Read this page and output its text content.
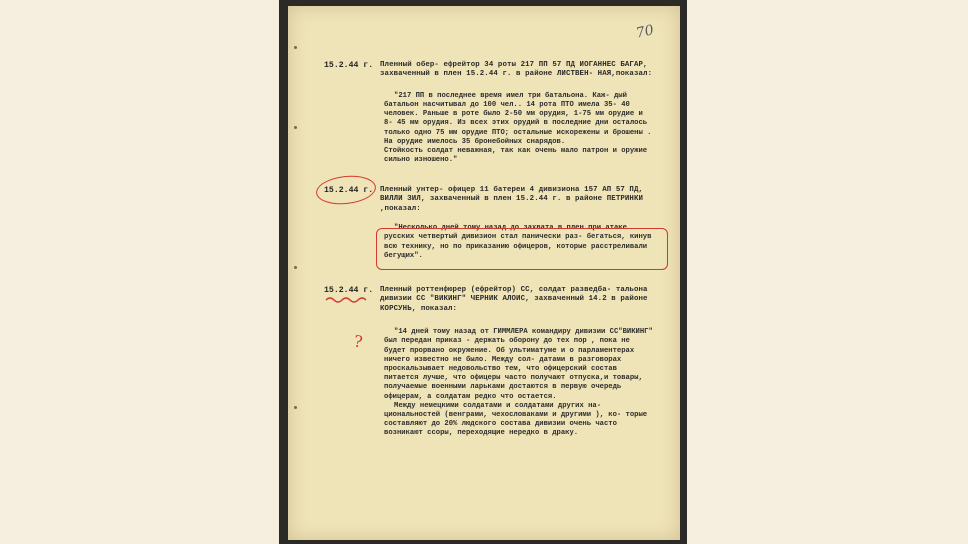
70
15.2.44 г. Пленный обер- ефрейтор 34 роты 217 ПП 57 ПД ИОГАННЕС БАГАР, захваченный в плен 15.2.44 г. в районе ЛИСТВЕН- НАЯ,показал:

"217 ПП в последнее время имел три батальона. Каж- дый батальон насчитывал до 100 чел.. 14 рота ПТО имела 35- 40 человек. Раньше в роте было 2-50 мм орудия, 1-75 мм орудие и 8- 45 мм орудия. Из всех этих орудий в последние дни осталось только одно 75 мм орудие ПТО; остальные искорежены и брошены . На орудие имелось 35 бронебойных снарядов.

Стойкость солдат неважная, так как очень мало патрон и оружие сильно изношено."

15.2.44 г. Пленный унтер- офицер 11 батереи 4 дивизиона 157 АП 57 ПД, ВИЛЛИ ЗИЛ, захваченный в плен 15.2.44 г. в районе ПЕТРИНКИ ,показал:

"Несколько дней тому назад до захвата в плен при атаке русских четвертый дивизион стал панически раз- бегаться, кинув всю технику, но по приказанию офицеров, которые расстреливали бегущих".

15.2.44 г. Пленный роттенфюрер (ефрейтор) СС, солдат разведба- тальона дивизии СС "ВИКИНГ" ЧЕРНИК АЛОИС, захваченный 14.2 в районе КОРСУНЬ, показал:

"14 дней тому назад от ГИММЛЕРА командиру дивизии СС"ВИКИНГ" был передан приказ - держать оборону до тех пор , пока не будет прорвано окружение. Об ультиматуме и о парламентерах ничего известно не было. Между сол- датами в разговорах проскальзывает недовольство тем, что офицерский состав питается лучше, что офицеры часто получают отпуска,и товары, получаемые военными ларьками достаются в первую очередь офицерам, а солдатам редко что остается.

Между немецкими солдатами и солдатами других на- циональностей (венграми, чехословаками и другими ), ко- торые составляют до 20% людского состава дивизии очень часто возникают ссоры, переходящие нередко в драку.

?
